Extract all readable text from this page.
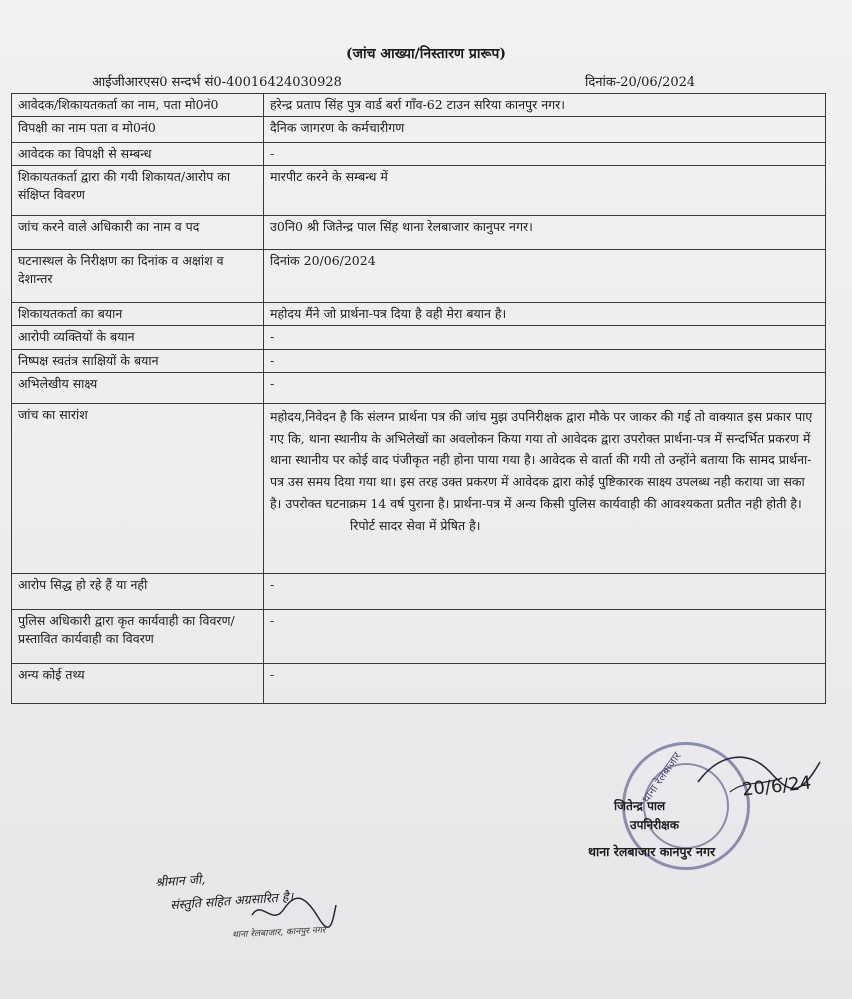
(जांच आख्या/निस्तारण प्रारूप)
आईजीआरएस0 सन्दर्भ सं0-40016424030928	दिनांक-20/06/2024
आवेदक/शिकायतकर्ता का नाम, पता मो0नं0	हरेन्द्र प्रताप सिंह पुत्र वार्ड बर्रा गाँव-62 टाउन सरिया कानपुर नगर।
विपक्षी का नाम पता व मो0नं0	दैनिक जागरण के कर्मचारीगण
आवेदक का विपक्षी से सम्बन्ध	-
शिकायतकर्ता द्वारा की गयी शिकायत/आरोप का संक्षिप्त विवरण	मारपीट करने के सम्बन्ध में
जांच करने वाले अधिकारी का नाम व पद	उ0नि0 श्री जितेन्द्र पाल सिंह थाना रेलबाजार कानुपर नगर।
घटनास्थल के निरीक्षण का दिनांक व अक्षांश व देशान्तर	दिनांक 20/06/2024
शिकायतकर्ता का बयान	महोदय मैंने जो प्रार्थना-पत्र दिया है वही मेरा बयान है।
आरोपी व्यक्तियों के बयान	-
निष्पक्ष स्वतंत्र साक्षियों के बयान	-
अभिलेखीय साक्ष्य	-
जांच का सारांश	महोदय,निवेदन है कि संलग्न प्रार्थना पत्र की जांच मुझ उपनिरीक्षक द्वारा मौके पर जाकर की गई तो वाक्यात इस प्रकार पाए गए कि, थाना स्थानीय के अभिलेखों का अवलोकन किया गया तो आवेदक द्वारा उपरोक्त प्रार्थना-पत्र में सन्दर्भित प्रकरण में थाना स्थानीय पर कोई वाद पंजीकृत नही होना पाया गया है। आवेदक से वार्ता की गयी तो उन्होंने बताया कि सामद प्रार्थना-पत्र उस समय दिया गया था। इस तरह उक्त प्रकरण में आवेदक द्वारा कोई पुष्टिकारक साक्ष्य उपलब्ध नही कराया जा सका है। उपरोक्त घटनाक्रम 14 वर्ष पुराना है। प्रार्थना-पत्र में अन्य किसी पुलिस कार्यवाही की आवश्यकता प्रतीत नही होती है।
रिपोर्ट सादर सेवा में प्रेषित है।

आरोप सिद्ध हो रहे हैं या नही	-
पुलिस अधिकारी द्वारा कृत कार्यवाही का विवरण/प्रस्तावित कार्यवाही का विवरण	-
अन्य कोई तथ्य	-
थाना रेलबाजार	20/6/24
जितेन्द्र पाल
उपनिरीक्षक
थाना रेलबाजार कानपुर नगर
श्रीमान जी,
संस्तुति सहित अग्रसारित है।
थाना रेलबाजार, कानपुर नगर
